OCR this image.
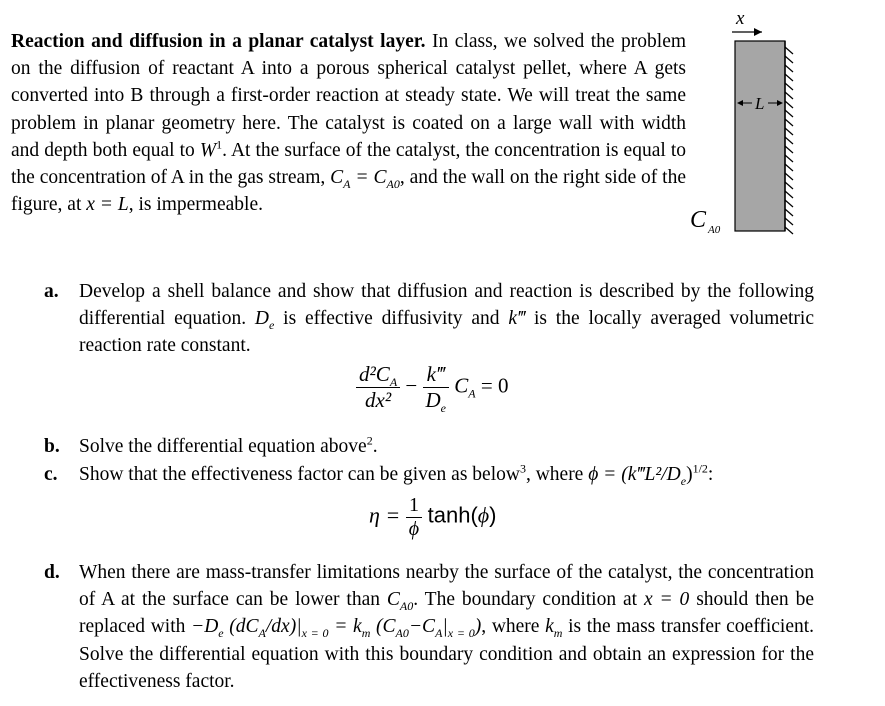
Reaction and diffusion in a planar catalyst layer. In class, we solved the problem on the diffusion of reactant A into a porous spherical catalyst pellet, where A gets converted into B through a first-order reaction at steady state. We will treat the same problem in planar geometry here. The catalyst is coated on a large wall with width and depth both equal to $W^1$. At the surface of the catalyst, the concentration is equal to the concentration of A in the gas stream, $C_A = C_{A0}$, and the wall on the right side of the figure, at x = L, is impermeable.
x
L
C A0
a. Develop a shell balance and show that diffusion and reaction is described by the following differential equation. $D_e$ is effective diffusivity and k‴ is the locally averaged volumetric reaction rate constant.
$\frac{d^2C_A}{\text{dx²}} - \frac{k‴}{D_e} C_A = 0$
b. Solve the differential equation above$^2$.
c. Show that the effectiveness factor can be given as below$^3$, where $\phi = (k‴L^2/D_e)^{1/2}$:
$\eta = \frac{1}{\phi} \tanh(\phi)$
d. When there are mass-transfer limitations nearby the surface of the catalyst, the concentration of A at the surface can be lower than $C_{A0}$. The boundary condition at x = 0 should then be replaced with $-D_e$ $(dC_A/dx)|_{x = 0} = k_m$ $(C_{A0}-C_A|_{x = 0})$, where $k_m$ is the mass transfer coefficient. Solve the differential equation with this boundary condition and obtain an expression for the effectiveness factor.
